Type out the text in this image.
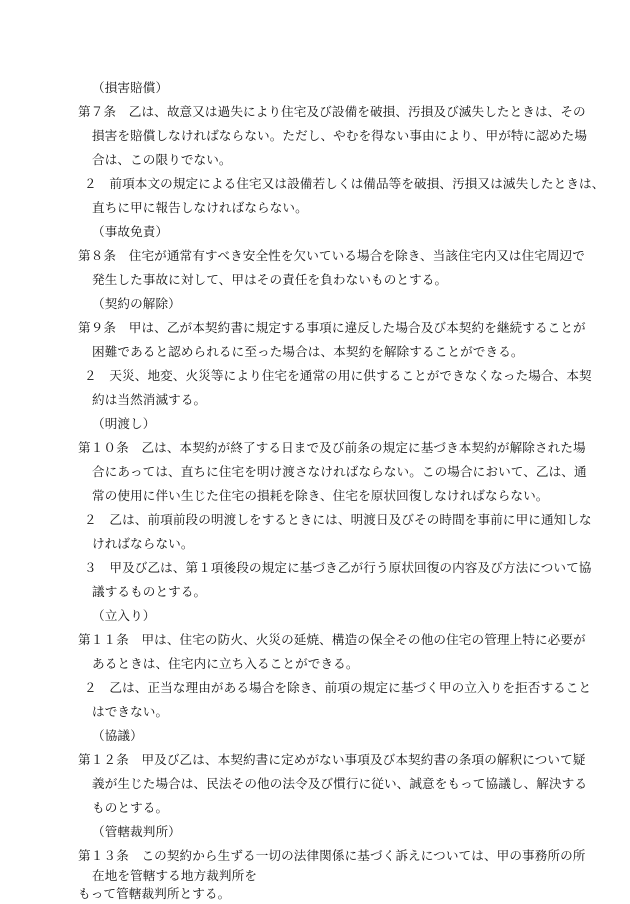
（損害賠償）
第７条　乙は、故意又は過失により住宅及び設備を破損、汚損及び滅失したときは、その
損害を賠償しなければならない。ただし、やむを得ない事由により、甲が特に認めた場
合は、この限りでない。
２　前項本文の規定による住宅又は設備若しくは備品等を破損、汚損又は滅失したときは、
直ちに甲に報告しなければならない。
（事故免責）
第８条　住宅が通常有すべき安全性を欠いている場合を除き、当該住宅内又は住宅周辺で
発生した事故に対して、甲はその責任を負わないものとする。
（契約の解除）
第９条　甲は、乙が本契約書に規定する事項に違反した場合及び本契約を継続することが
困難であると認められるに至った場合は、本契約を解除することができる。
２　天災、地変、火災等により住宅を通常の用に供することができなくなった場合、本契
約は当然消滅する。
（明渡し）
第１０条　乙は、本契約が終了する日まで及び前条の規定に基づき本契約が解除された場
合にあっては、直ちに住宅を明け渡さなければならない。この場合において、乙は、通
常の使用に伴い生じた住宅の損耗を除き、住宅を原状回復しなければならない。
２　乙は、前項前段の明渡しをするときには、明渡日及びその時間を事前に甲に通知しな
ければならない。
３　甲及び乙は、第１項後段の規定に基づき乙が行う原状回復の内容及び方法について協
議するものとする。
（立入り）
第１１条　甲は、住宅の防火、火災の延焼、構造の保全その他の住宅の管理上特に必要が
あるときは、住宅内に立ち入ることができる。
２　乙は、正当な理由がある場合を除き、前項の規定に基づく甲の立入りを拒否すること
はできない。
（協議）
第１２条　甲及び乙は、本契約書に定めがない事項及び本契約書の条項の解釈について疑
義が生じた場合は、民法その他の法令及び慣行に従い、誠意をもって協議し、解決する
ものとする。
（管轄裁判所）
第１３条　この契約から生ずる一切の法律関係に基づく訴えについては、甲の事務所の所
在地を管轄する地方裁判所を
もって管轄裁判所とする。
